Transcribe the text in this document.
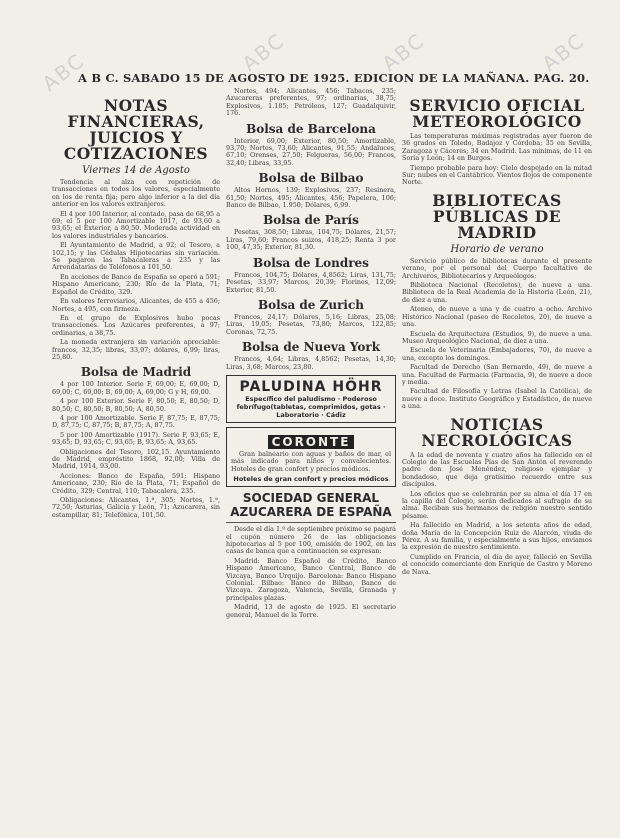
ABC	ABC	ABC	ABC
A B C. SABADO 15 DE AGOSTO DE 1925. EDICION DE LA MAÑANA. PAG. 20.
NOTAS FINANCIERAS, JUICIOS Y COTIZACIONES
Viernes 14 de Agosto

Tendencia al alza con repetición de transacciones en todos los valores, especialmente en los de renta fija; pero algo inferior a la del día anterior en los valores extranjeros.

El 4 por 100 Interior, al contado, pasa de 68,95 a 69; el 5 por 100 Amortizable 1917, de 93,60 a 93,65; el Exterior, a 80,50. Moderada actividad en los valores industriales y bancarios.

El Ayuntamiento de Madrid, a 92; el Tesoro, a 102,15; y las Cédulas Hipotecarias sin variación. Se pagaron las Tabacaleras a 235 y las Arrendatarias de Teléfonos a 101,50.

En acciones de Banco de España se operó a 591; Hispano Americano, 230; Río de la Plata, 71; Español de Crédito, 329.

En valores ferroviarios, Alicantes, de 455 a 456; Nortes, a 495, con firmeza.

En el grupo de Explosivos hubo pocas transacciones. Los Azúcares preferentes, a 97; ordinarias, a 38,75.

La moneda extranjera sin variación apreciable: francos, 32,35; libras, 33,97; dólares, 6,99; liras, 25,80.

Bolsa de Madrid

4 por 100 Interior. Serie F, 69,00; E, 69,00; D, 69,00; C, 69,00; B, 69,00; A, 69,00; G y H, 69,00.

4 por 100 Exterior. Serie F, 80,50; E, 80,50; D, 80,50; C, 80,50; B, 80,50; A, 80,50.

4 por 100 Amortizable. Serie F, 87,75; E, 87,75; D, 87,75; C, 87,75; B, 87,75; A, 87,75.

5 por 100 Amortizable (1917). Serie F, 93,65; E, 93,65; D, 93,65; C, 93,65; B, 93,65; A, 93,65.

Obligaciones del Tesoro, 102,15. Ayuntamiento de Madrid, empréstito 1868, 92,00; Villa de Madrid, 1914, 93,00.

Acciones: Banco de España, 591; Hispano Americano, 230; Río de la Plata, 71; Español de Crédito, 329; Central, 110; Tabacalera, 235.

Obligaciones: Alicantes, 1.ª, 305; Nortes, 1.ª, 72,50; Asturias, Galicia y León, 71; Azucarera, sin estampillar, 81; Telefónica, 101,50.

Nortes, 494; Alicantes, 456; Tabacos, 235; Azucareras preferentes, 97; ordinarias, 38,75; Explosivos, 1.185; Petróleos, 127; Guadalquivir, 176.

Bolsa de Barcelona

Interior, 69,00; Exterior, 80,50; Amortizable, 93,70; Nortes, 73,60; Alicantes, 91,55; Andaluces, 67,10; Orenses, 27,50; Felgueras, 56,00; Francos, 32,40; Libras, 33,95.

Bolsa de Bilbao

Altos Hornos, 139; Explosivos, 237; Resinera, 61,50; Nortes, 495; Alicantes, 456; Papelera, 106; Banco de Bilbao, 1.950; Dólares, 6,99.

Bolsa de París

Pesetas, 308,50; Libras, 104,75; Dólares, 21,57; Liras, 79,60; Francos suizos, 418,25; Renta 3 por 100, 47,35; Exterior, 81,30.

Bolsa de Londres

Francos, 104,75; Dólares, 4,8562; Liras, 131,75; Pesetas, 33,97; Marcos, 20,39; Florines, 12,09; Exterior, 81,50.

Bolsa de Zurich

Francos, 24,17; Dólares, 5,16; Libras, 25,08; Liras, 19,05; Pesetas, 73,80; Marcos, 122,85; Coronas, 72,75.

Bolsa de Nueva York

Francos, 4,64; Libras, 4,8562; Pesetas, 14,30; Liras, 3,68; Marcos, 23,80.

PALUDINA HÖHR
Específico del paludismo · Poderoso febrífugo(tabletas, comprimidos, gotas · Laboratorio · Cádiz
CORONTE

Gran balneario con aguas y baños de mar, el más indicado para niños y convalecientes. Hoteles de gran confort y precios módicos.

Hoteles de gran confort y precios módicos
SOCIEDAD GENERAL AZUCARERA DE ESPAÑA

Desde el día 1.º de septiembre próximo se pagará el cupón número 26 de las obligaciones hipotecarias al 5 por 100, emisión de 1902, en las casas de banca que a continuación se expresan:

Madrid: Banco Español de Crédito, Banco Hispano Americano, Banco Central, Banco de Vizcaya, Banco Urquijo. Barcelona: Banco Hispano Colonial. Bilbao: Banco de Bilbao, Banco de Vizcaya. Zaragoza, Valencia, Sevilla, Granada y principales plazas.

Madrid, 13 de agosto de 1925. El secretario general, Manuel de la Torre.

SERVICIO OFICIAL METEOROLÓGICO

Las temperaturas máximas registradas ayer fueron de 36 grados en Toledo, Badajoz y Córdoba; 35 en Sevilla, Zaragoza y Cáceres; 34 en Madrid. Las mínimas, de 11 en Soria y León; 14 en Burgos.

Tiempo probable para hoy: Cielo despejado en la mitad Sur; nubes en el Cantábrico. Vientos flojos de componente Norte.

BIBLIOTECAS PÚBLICAS DE MADRID
Horario de verano

Servicio público de bibliotecas durante el presente verano, por el personal del Cuerpo facultativo de Archiveros, Bibliotecarios y Arqueólogos:

Biblioteca Nacional (Recoletos), de nueve a una. Biblioteca de la Real Academia de la Historia (León, 21), de diez a una.

Ateneo, de nueve a una y de cuatro a ocho. Archivo Histórico Nacional (paseo de Recoletos, 20), de nueve a una.

Escuela de Arquitectura (Estudios, 9), de nueve a una. Museo Arqueológico Nacional, de diez a una.

Escuela de Veterinaria (Embajadores, 70), de nueve a una, excepto los domingos.

Facultad de Derecho (San Bernardo, 49), de nueve a una. Facultad de Farmacia (Farmacia, 9), de nueve a doce y media.

Facultad de Filosofía y Letras (Isabel la Católica), de nueve a doce. Instituto Geográfico y Estadístico, de nueve a una.

NOTICIAS NECROLÓGICAS

A la edad de noventa y cuatro años ha fallecido en el Colegio de las Escuelas Pías de San Antón el reverendo padre don José Menéndez, religioso ejemplar y bondadoso, que deja gratísimo recuerdo entre sus discípulos.

Los oficios que se celebrarán por su alma el día 17 en la capilla del Colegio, serán dedicados al sufragio de su alma. Reciban sus hermanos de religión nuestro sentido pésame.

Ha fallecido en Madrid, a los setenta años de edad, doña María de la Concepción Ruiz de Alarcón, viuda de Pérez. A su familia, y especialmente a sus hijos, enviamos la expresión de nuestro sentimiento.

Cumplido en Francia, el día de ayer, falleció en Sevilla el conocido comerciante don Enrique de Castro y Moreno de Nava.
